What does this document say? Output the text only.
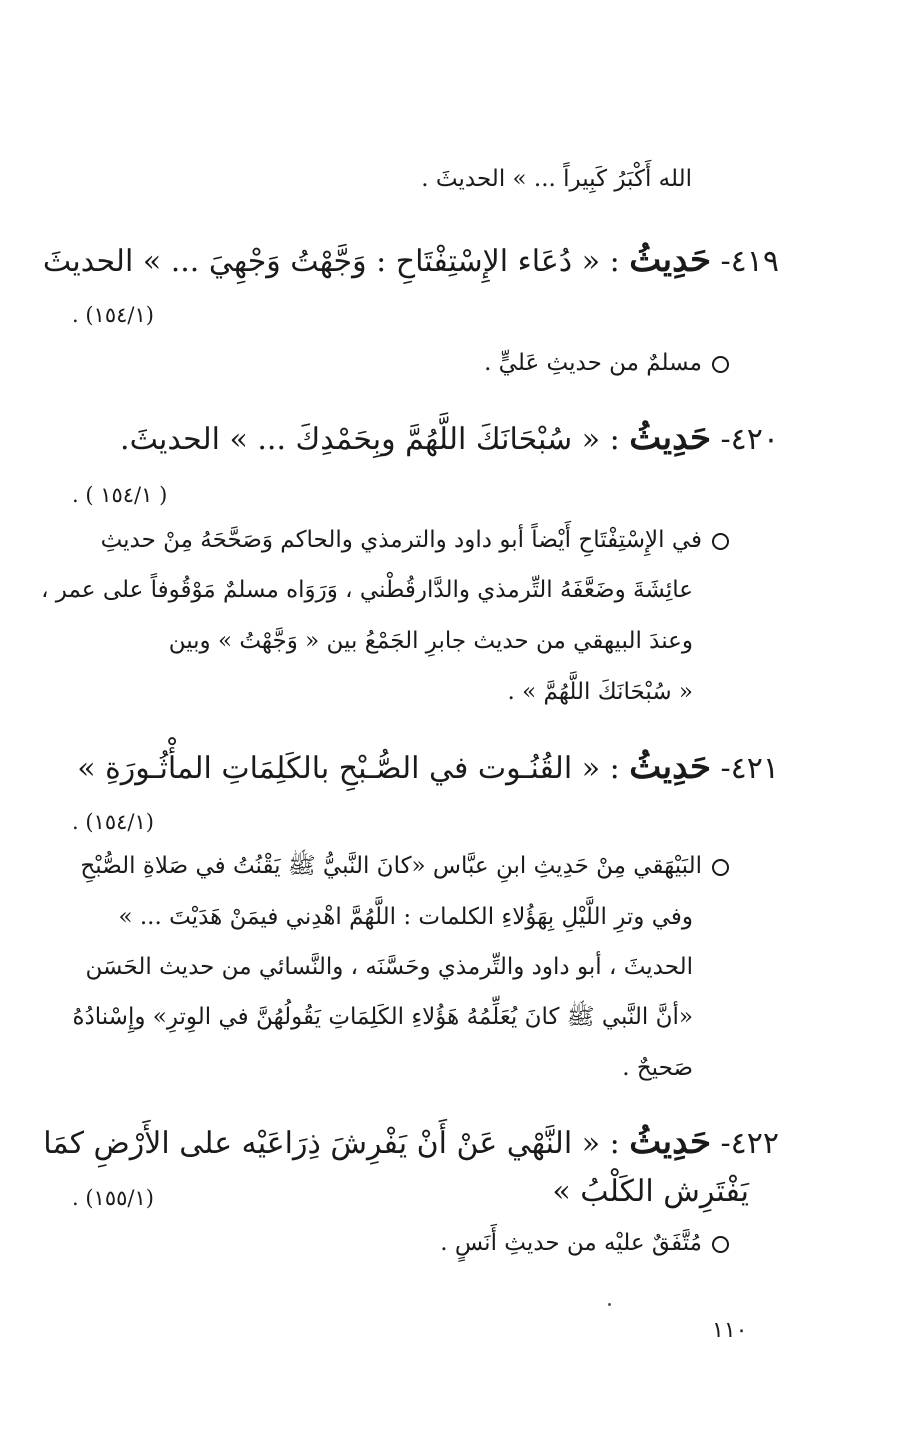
الله أَكْبَرُ كَبِيراً ... » الحديثَ .
٤١٩- حَدِيثُ : « دُعَاء الإِسْتِفْتَاحِ : وَجَّهْتُ وَجْهِيَ ... » الحديثَ
. (١٥٤/١)
مسلمٌ من حديثِ عَليٍّ .
٤٢٠- حَدِيثُ : « سُبْحَانَكَ اللَّهُمَّ وبِحَمْدِكَ ... » الحديثَ.
. ( ١٥٤/١ )
في الإِسْتِفْتَاحِ أَيْضاً أبو داود والترمذي والحاكم وَصَحَّحَهُ مِنْ حديثِ
عائِشَةَ وضَعَّفَهُ التِّرمذي والدَّارقُطْني ، وَرَوَاه مسلمٌ مَوْقُوفاً على عمر ،
وعندَ البيهقي من حديث جابرِ الجَمْعُ بين « وَجَّهْتُ » وبين
« سُبْحَانَكَ اللَّهُمَّ » .
٤٢١- حَدِيثُ : « القُنُـوت في الصُّـبْحِ بالكَلِمَاتِ المأْثُـورَةِ »
. (١٥٤/١)
البَيْهَقي مِنْ حَدِيثِ ابنِ عبَّاس «كانَ النَّبيُّ ﷺ يَقْنُتُ في صَلاةِ الصُّبْحِ
وفي وترِ اللَّيْلِ بِهَؤُلاءِ الكلمات : اللَّهُمَّ اهْدِني فيمَنْ هَدَيْتَ ... »
الحديثَ ، أبو داود والتِّرمذي وحَسَّنَه ، والنَّسائي من حديث الحَسَن
«أنَّ النَّبي ﷺ كانَ يُعَلِّمُهُ هَؤُلاءِ الكَلِمَاتِ يَقُولُهُنَّ في الوِترِ» وإِسْنادُهُ
صَحيحٌ .
٤٢٢- حَدِيثُ : « النَّهْي عَنْ أَنْ يَفْرِشَ ذِرَاعَيْه على الأَرْضِ كمَا
يَفْتَرِش الكَلْبُ »
. (١٥٥/١)
مُتَّفَقٌ عليْه من حديثِ أَنَسٍ .
١١٠
